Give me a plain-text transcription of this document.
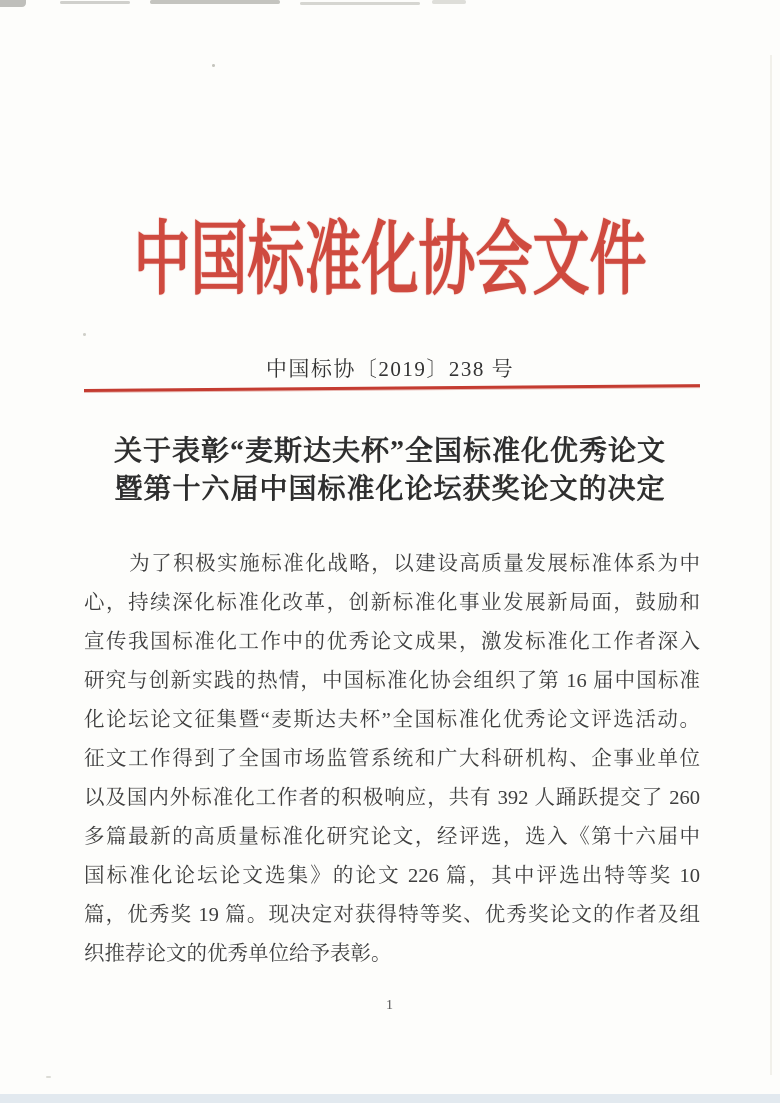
中国标准化协会文件
中国标协〔2019〕238 号
关于表彰“麦斯达夫杯”全国标准化优秀论文
暨第十六届中国标准化论坛获奖论文的决定
为了积极实施标准化战略，以建设高质量发展标准体系为中
心，持续深化标准化改革，创新标准化事业发展新局面，鼓励和
宣传我国标准化工作中的优秀论文成果，激发标准化工作者深入
研究与创新实践的热情，中国标准化协会组织了第 16 届中国标准
化论坛论文征集暨“麦斯达夫杯”全国标准化优秀论文评选活动。
征文工作得到了全国市场监管系统和广大科研机构、企事业单位
以及国内外标准化工作者的积极响应，共有 392 人踊跃提交了 260
多篇最新的高质量标准化研究论文，经评选，选入《第十六届中
国标准化论坛论文选集》的论文 226 篇，其中评选出特等奖 10
篇，优秀奖 19 篇。现决定对获得特等奖、优秀奖论文的作者及组
织推荐论文的优秀单位给予表彰。
1
